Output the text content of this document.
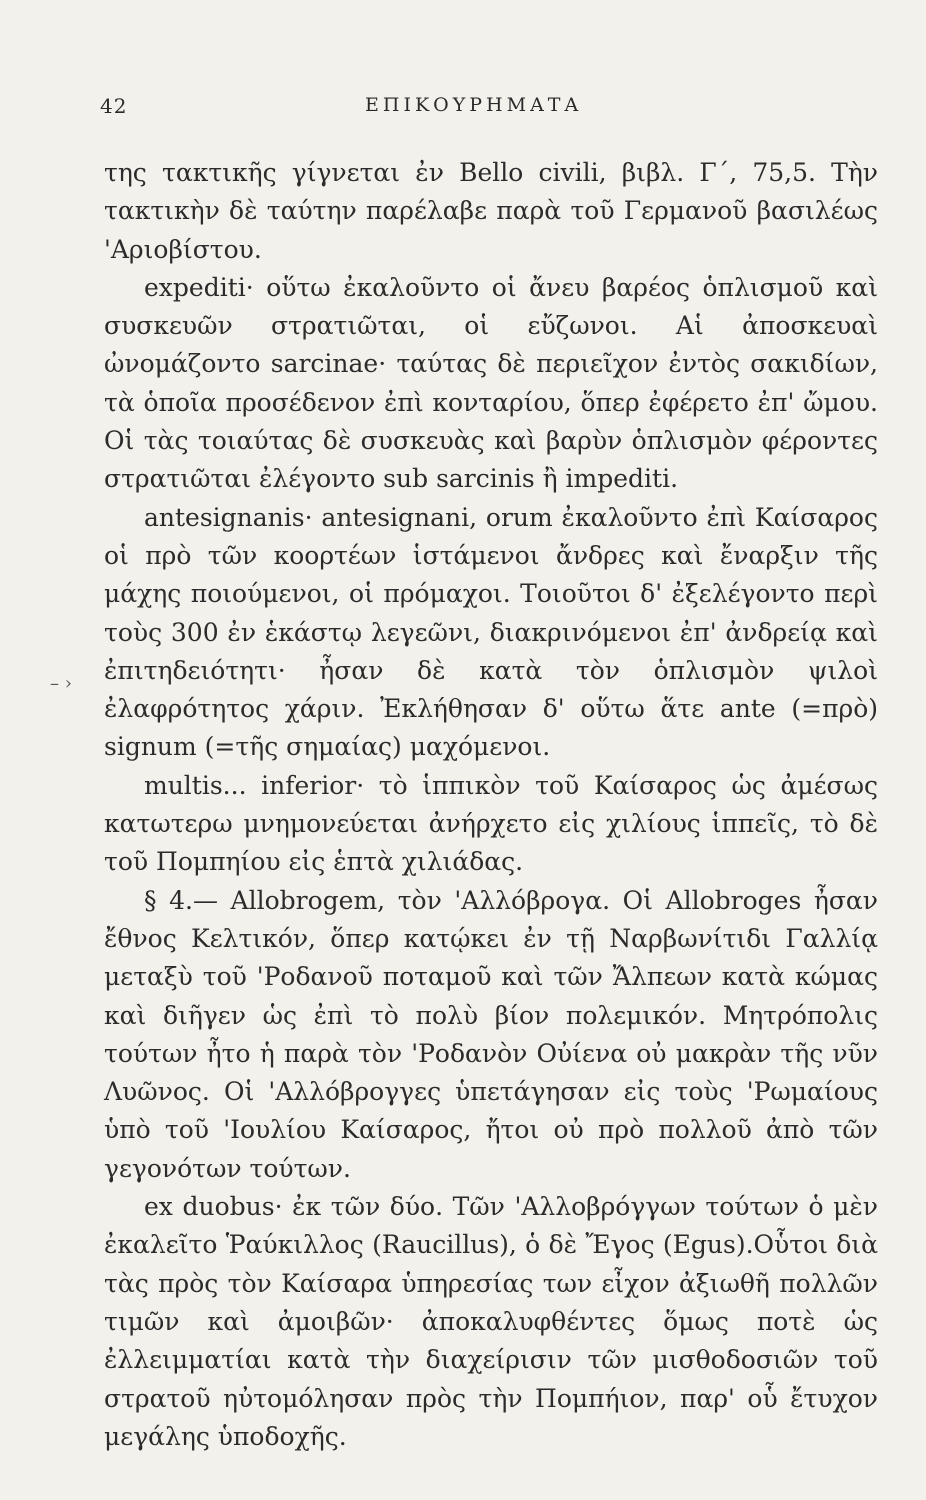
42	ΕΠΙΚΟΥΡΗΜΑΤΑ
– ›

της τακτικῆς γίγνεται ἐν Bello civili, βιβλ. Γ΄, 75,5. Τὴν τακτικὴν δὲ ταύτην παρέλαβε παρὰ τοῦ Γερμανοῦ βασιλέως 'Αριοβίστου.

expediti· οὕτω ἐκαλοῦντο οἱ ἄνευ βαρέος ὁπλισμοῦ καὶ συσκευῶν στρατιῶται, οἱ εὔζωνοι. Αἱ ἀποσκευαὶ ὠνομάζοντο sarcinae· ταύτας δὲ περιεῖχον ἐντὸς σακιδίων, τὰ ὁποῖα προσέδενον ἐπὶ κονταρίου, ὅπερ ἐφέρετο ἐπ' ὤμου. Οἱ τὰς τοιαύτας δὲ συσκευὰς καὶ βαρὺν ὁπλισμὸν φέροντες στρατιῶται ἐλέγοντο sub sarcinis ἢ impediti.

antesignanis· antesignani, orum ἐκαλοῦντο ἐπὶ Καίσαρος οἱ πρὸ τῶν κοορτέων ἱστάμενοι ἄνδρες καὶ ἔναρξιν τῆς μάχης ποιούμενοι, οἱ πρόμαχοι. Τοιοῦτοι δ' ἐξελέγοντο περὶ τοὺς 300 ἐν ἑκάστῳ λεγεῶνι, διακρινόμενοι ἐπ' ἀνδρείᾳ καὶ ἐπιτηδειότητι· ἦσαν δὲ κατὰ τὸν ὁπλισμὸν ψιλοὶ ἐλαφρότητος χάριν. Ἐκλήθησαν δ' οὕτω ἅτε ante (=πρὸ) signum (=τῆς σημαίας) μαχόμενοι.

multis... inferior· τὸ ἱππικὸν τοῦ Καίσαρος ὡς ἀμέσως κατωτερω μνημονεύεται ἀνήρχετο εἰς χιλίους ἱππεῖς, τὸ δὲ τοῦ Πομπηίου εἰς ἑπτὰ χιλιάδας.

§ 4.— Allobrogem, τὸν 'Αλλόβρογα. Οἱ Allobroges ἦσαν ἔθνος Κελτικόν, ὅπερ κατῴκει ἐν τῇ Ναρβωνίτιδι Γαλλίᾳ μεταξὺ τοῦ 'Ροδανοῦ ποταμοῦ καὶ τῶν Ἄλπεων κατὰ κώμας καὶ διῆγεν ὡς ἐπὶ τὸ πολὺ βίον πολεμικόν. Μητρόπολις τούτων ἦτο ἡ παρὰ τὸν 'Ροδανὸν Οὐίενα οὐ μακρὰν τῆς νῦν Λυῶνος. Οἱ 'Αλλόβρογγες ὑπετάγησαν εἰς τοὺς 'Ρωμαίους ὑπὸ τοῦ 'Ιουλίου Καίσαρος, ἤτοι οὐ πρὸ πολλοῦ ἀπὸ τῶν γεγονότων τούτων.

ex duobus· ἐκ τῶν δύο. Τῶν 'Αλλοβρόγγων τούτων ὁ μὲν ἐκαλεῖτο Ῥαύκιλλος (Raucillus), ὁ δὲ Ἔγος (Egus).Οὗτοι διὰ τὰς πρὸς τὸν Καίσαρα ὑπηρεσίας των εἶχον ἀξιωθῆ πολλῶν τιμῶν καὶ ἀμοιβῶν· ἀποκαλυφθέντες ὅμως ποτὲ ὡς ἐλλειμματίαι κατὰ τὴν διαχείρισιν τῶν μισθοδοσιῶν τοῦ στρατοῦ ηὐτομόλησαν πρὸς τὴν Πομπήιον, παρ' οὗ ἔτυχον μεγάλης ὑποδοχῆς.
